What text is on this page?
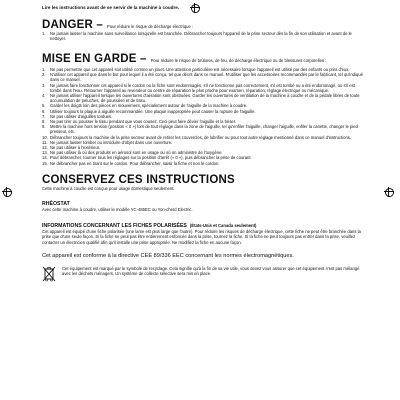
Lire les instructions avant de se servir de la machine à coudre.
DANGER – Pour réduire le risque de décharge électrique :
1.	Ne jamais laisser la machine sans surveillance lorsqu'elle est branchée. Débrancher toujours l'appareil de la prise secteur dès la fin de son utilisation et avant de le nettoyer.
MISE EN GARDE – Pour réduire le risque de brûlures, de feu, de décharge électrique ou de blessures corporelles :
1.	Ne pas permettre que cet appareil soit utilisé comme un jouet. Une attention particulière est nécessaire lorsque l'appareil est utilisé par des enfants ou près d'eux.
2.	N'utiliser cet appareil que dans le but pour lequel il a été conçu, tel que décrit dans ce manuel. N'utiliser que les accessoires recommandés par le fabricant, tel qu'indiqué dans ce manuel.
3.	Ne jamais faire fonctionner cet appareil si le cordon ou la fiche sont endommagés, s'il ne fonctionne pas correctement, s'il est tombé ou a été endommagé, ou s'il est tombé dans l'eau. Retourner l'appareil au revendeur ou centre de réparation le plus proche pour examen, réparation, réglage électrique ou mécanique.
4.	Ne jamais utiliser l'appareil lorsque les ouvertures d'aération sont obstruées. Garder les ouvertures de ventilation de la machine à coudre et de la pédale libres de toute accumulation de peluches, de poussière et de tissu.
5.	Garder les doigts loin des pièces en mouvement, spécialement autour de l'aiguille de la machine à coudre.
6.	Utiliser toujours la plaque à aiguille recommandée. Une plaque inappropriée peut causer la rupture de l'aiguille.
7.	Ne pas utiliser d'aiguilles tordues.
8.	Ne pas tirer ou pousser le tissu pendant que vous cousez. Ceci peut faire dévier l'aiguille et la briser.
9.	Mettre la machine hors tension (position « 0 ») lors de tout réglage dans la zone de l'aiguille, tel qu'enfiler l'aiguille, changer l'aiguille, enfiler la canette, changer le pied presseur, etc.
10. Débrancher toujours la machine de la prise secteur avant de retirer les couvercles, de lubrifier ou pour tout autre réglage mentionné dans ce manuel d'instructions.
11. Ne jamais laisser tomber ou introduire d'objet dans une ouverture.
12. Ne pas utiliser à l'extérieur.
13. Ne pas utiliser là où des produits en aérosol sont en usage ou où on administre de l'oxygène.
14. Pour débrancher, tourner tous les réglages sur la position d'arrêt (« 0 »), puis débrancher la prise de courant.
15. Ne débrancher pas en tirant sur le cordon. Pour débrancher, saisir la fiche et non le cordon.
CONSERVEZ CES INSTRUCTIONS
Cette machine à coudre est conçue pour usage domestique seulement.
RHÉOSTAT
Avec cette machine à coudre, utiliser le modèle YC-485EC ou Yon-cherd Electric.
INFORMATIONS CONCERNANT LES FICHES POLARISÉES (États-Unis et Canada seulement)
Cet appareil est équipé d'une fiche polarisée (une lame est plus large que l'autre). Pour réduire les risques de décharge électrique, cette fiche ne peut être branchée dans la prise que d'une seule façon. Si la fiche ne peut pas être entièrement enfoncée dans la prise, tournez la fiche. Si la fiche ne peut toujours pas entrer dans la prise, veuillez contacter un électricien qualifié afin qu'il installe une prise appropriée. Ne modifiez la fiche en aucune façon.
Cet appareil est conforme à la directive CEE 89/336 EEC concernant les normes électromagnétiques.
Cet équipement est marqué par le symbole de recyclage. Cela signifie qu'à la fin de sa vie utile, vous devez vous assurer que cet équipement n'est pas mélangé avec les déchets ménagers. Un système de collecte sélective sera mis en place.
